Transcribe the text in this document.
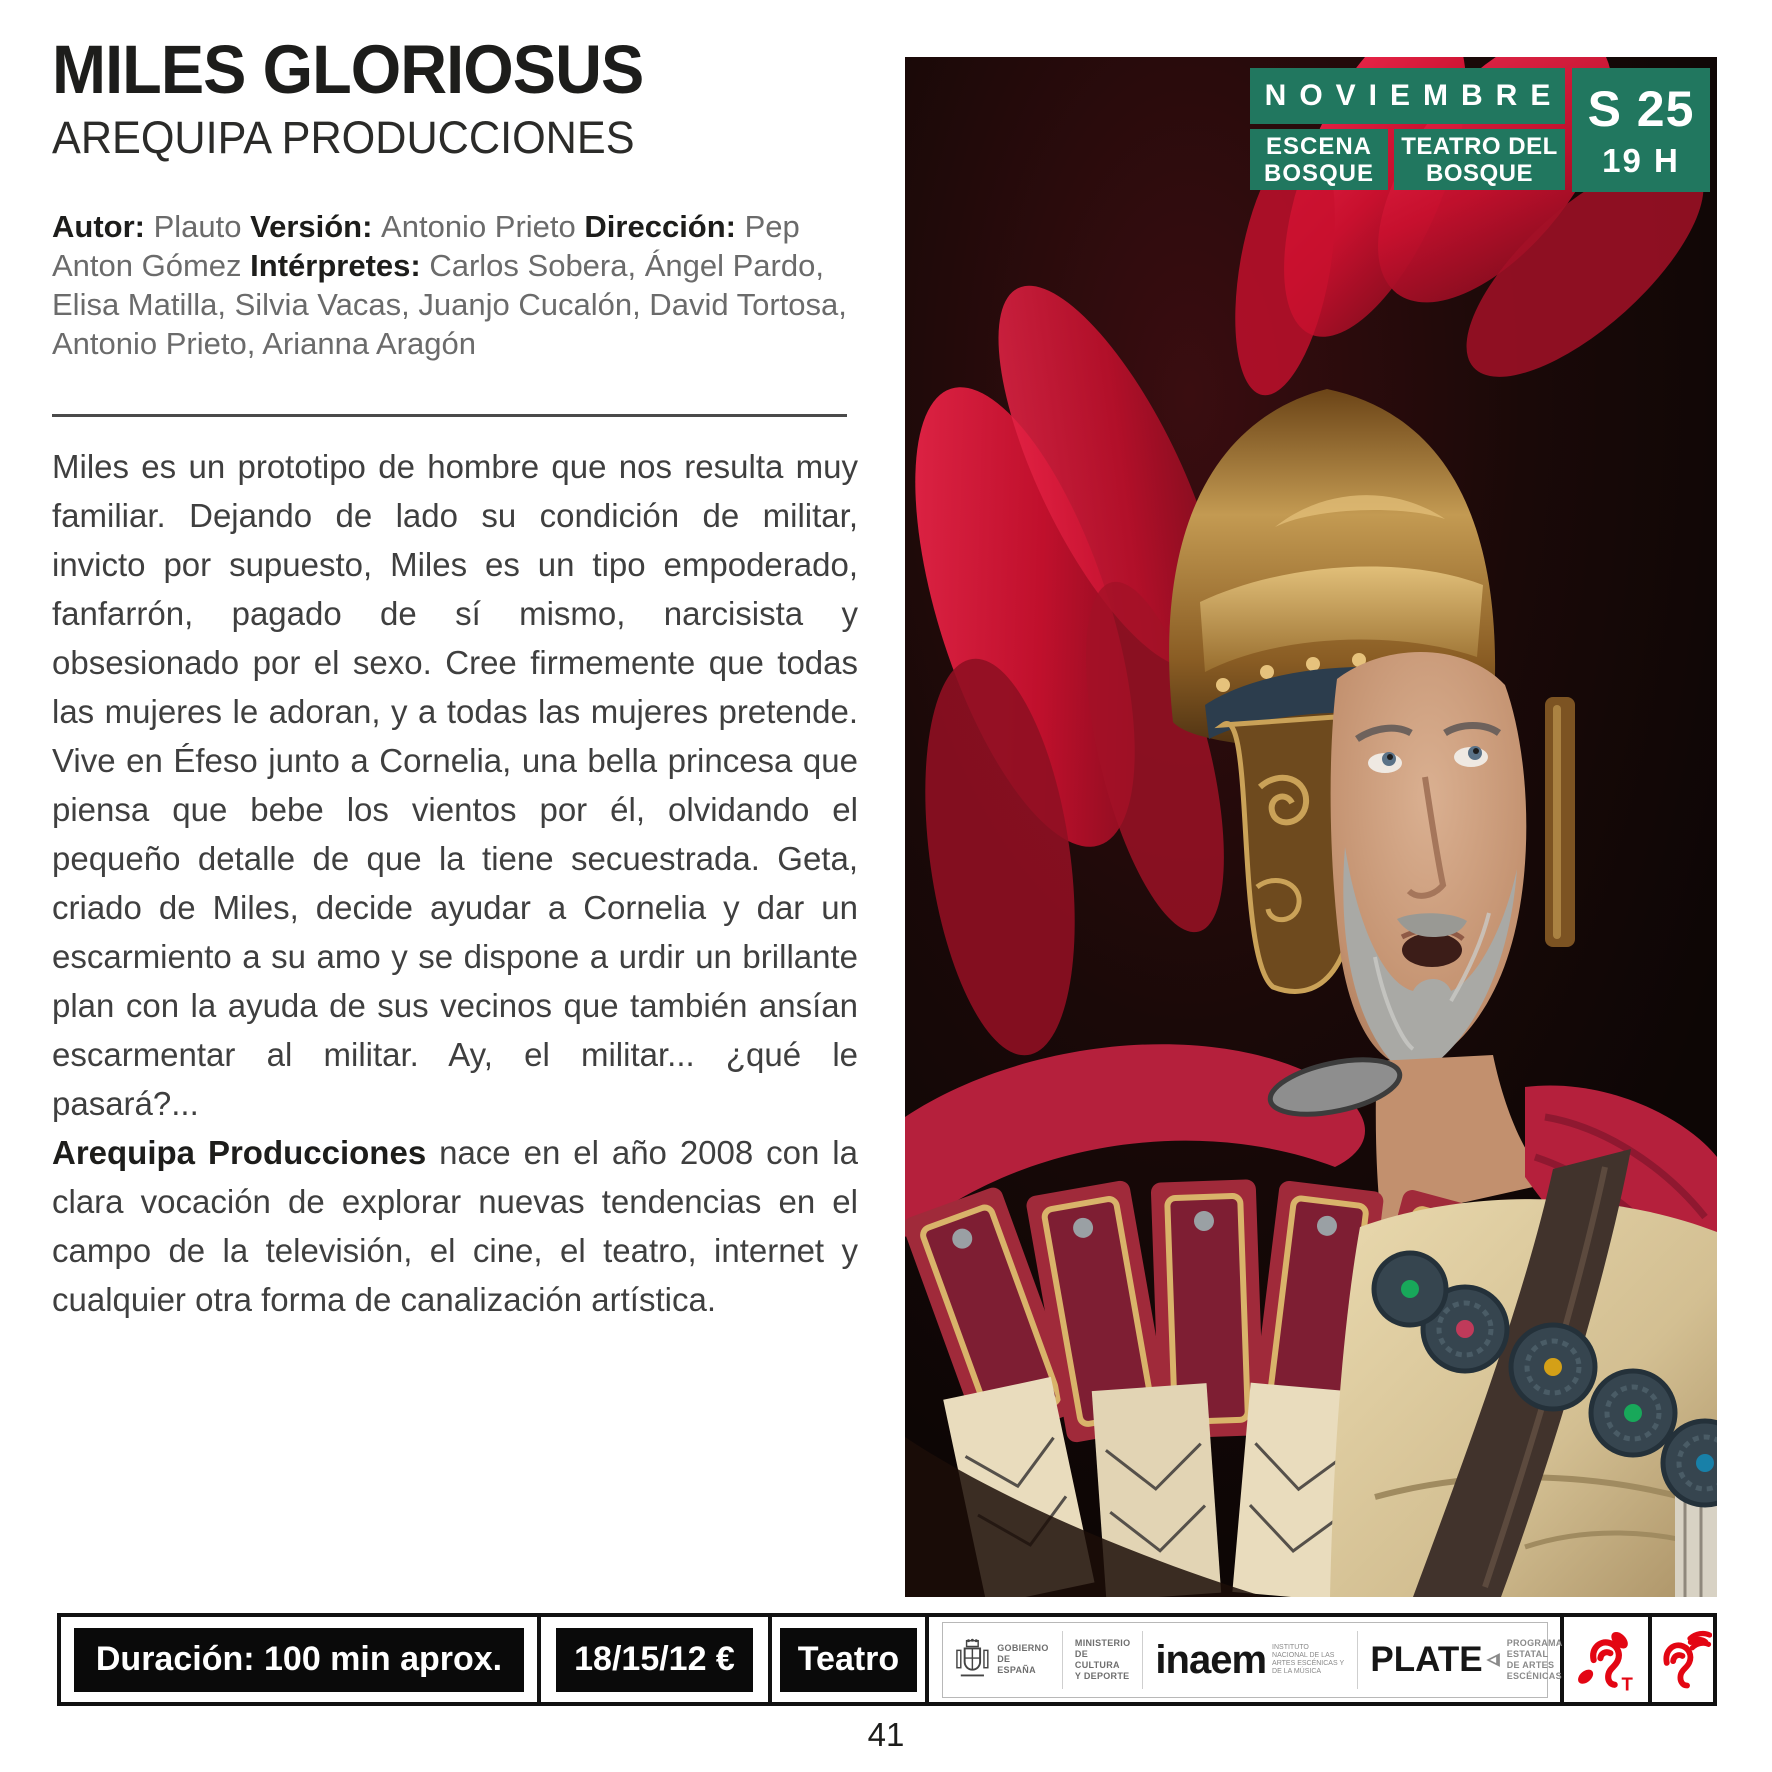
MILES GLORIOSUS
AREQUIPA PRODUCCIONES

Autor: Plauto Versión: Antonio Prieto Dirección: Pep Anton Gómez Intérpretes: Carlos Sobera, Ángel Pardo, Elisa Matilla, Silvia Vacas, Juanjo Cucalón, David Tortosa, Antonio Prieto, Arianna Aragón

Miles es un prototipo de hombre que nos resulta muy familiar. Dejando de lado su condición de militar, invicto por supuesto, Miles es un tipo empoderado, fanfarrón, pagado de sí mismo, narcisista y obsesionado por el sexo. Cree firmemente que todas las mujeres le adoran, y a todas las mujeres pretende. Vive en Éfeso junto a Cornelia, una bella princesa que piensa que bebe los vientos por él, olvidando el pequeño detalle de que la tiene secuestrada. Geta, criado de Miles, decide ayudar a Cornelia y dar un escarmiento a su amo y se dispone a urdir un brillante plan con la ayuda de sus vecinos que también ansían escarmentar al militar. Ay, el militar... ¿qué le pasará?...

Arequipa Producciones nace en el año 2008 con la clara vocación de explorar nuevas tendencias en el campo de la televisión, el cine, el teatro, internet y cualquier otra forma de canalización artística.

NOVIEMBRE
ESCENA
BOSQUE
TEATRO DEL
BOSQUE
S 25
19 H
Duración: 100 min aprox.	18/15/12 €	Teatro	GOBIERNO
DE ESPAÑA
MINISTERIO
DE CULTURA
Y DEPORTE inaem INSTITUTO NACIONAL DE LAS ARTES ESCÉNICAS Y DE LA MÚSICA	PLATE	PROGRAMA ESTATAL
DE ARTES ESCÉNICAS	T
41
